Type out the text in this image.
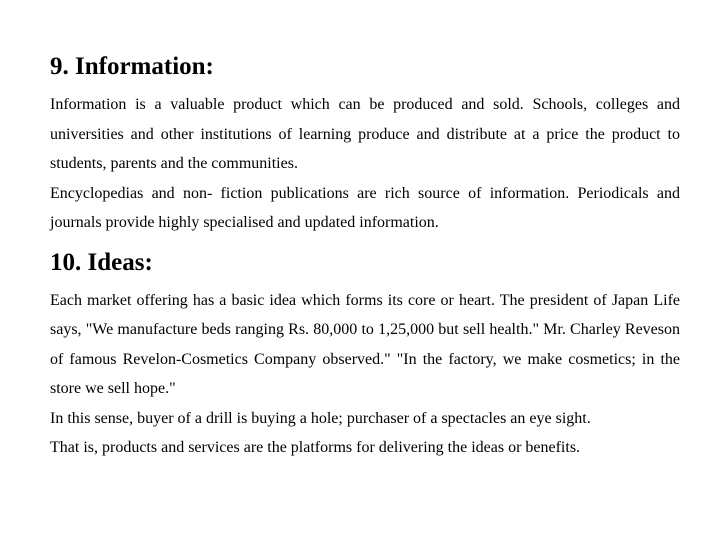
9. Information:

Information is a valuable product which can be produced and sold. Schools, colleges and universities and other institutions of learning produce and distribute at a price the product to students, parents and the communities.

Encyclopedias and non- fiction publications are rich source of information. Periodicals and journals provide highly specialised and updated information.

10. Ideas:

Each market offering has a basic idea which forms its core or heart. The president of Japan Life says, "We manufacture beds ranging Rs. 80,000 to 1,25,000 but sell health." Mr. Charley Reveson of famous Revelon-Cosmetics Company observed." "In the factory, we make cosmetics; in the store we sell hope."

In this sense, buyer of a drill is buying a hole; purchaser of a spectacles an eye sight.

That is, products and services are the platforms for delivering the ideas or benefits.
